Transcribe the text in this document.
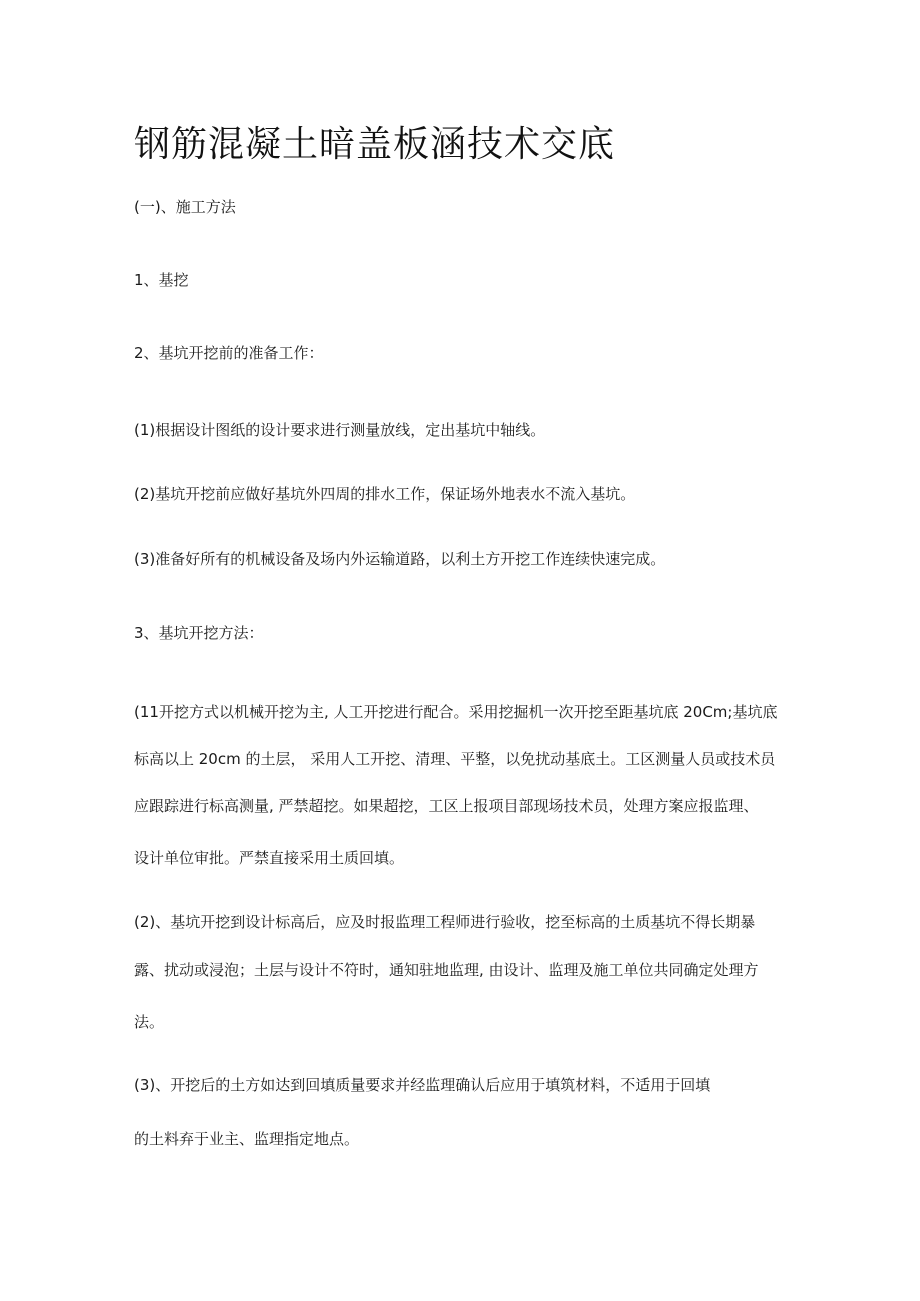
钢筋混凝土暗盖板涵技术交底
(一)、施工方法
1、基挖
2、基坑开挖前的准备工作：
(1)根据设计图纸的设计要求进行测量放线，定出基坑中轴线。
(2)基坑开挖前应做好基坑外四周的排水工作，保证场外地表水不流入基坑。
(3)准备好所有的机械设备及场内外运输道路，以利土方开挖工作连续快速完成。
3、基坑开挖方法：
(11开挖方式以机械开挖为主, 人工开挖进行配合。采用挖掘机一次开挖至距基坑底 20Cm;基坑底
标高以上 20cm 的土层， 采用人工开挖、清理、平整，以免扰动基底土。工区测量人员或技术员
应跟踪进行标高测量, 严禁超挖。如果超挖，工区上报项目部现场技术员，处理方案应报监理、
设计单位审批。严禁直接采用土质回填。
(2)、基坑开挖到设计标高后，应及时报监理工程师进行验收，挖至标高的土质基坑不得长期暴
露、扰动或浸泡；土层与设计不符时，通知驻地监理, 由设计、监理及施工单位共同确定处理方
法。
(3)、开挖后的土方如达到回填质量要求并经监理确认后应用于填筑材料，不适用于回填
的土料弃于业主、监理指定地点。
